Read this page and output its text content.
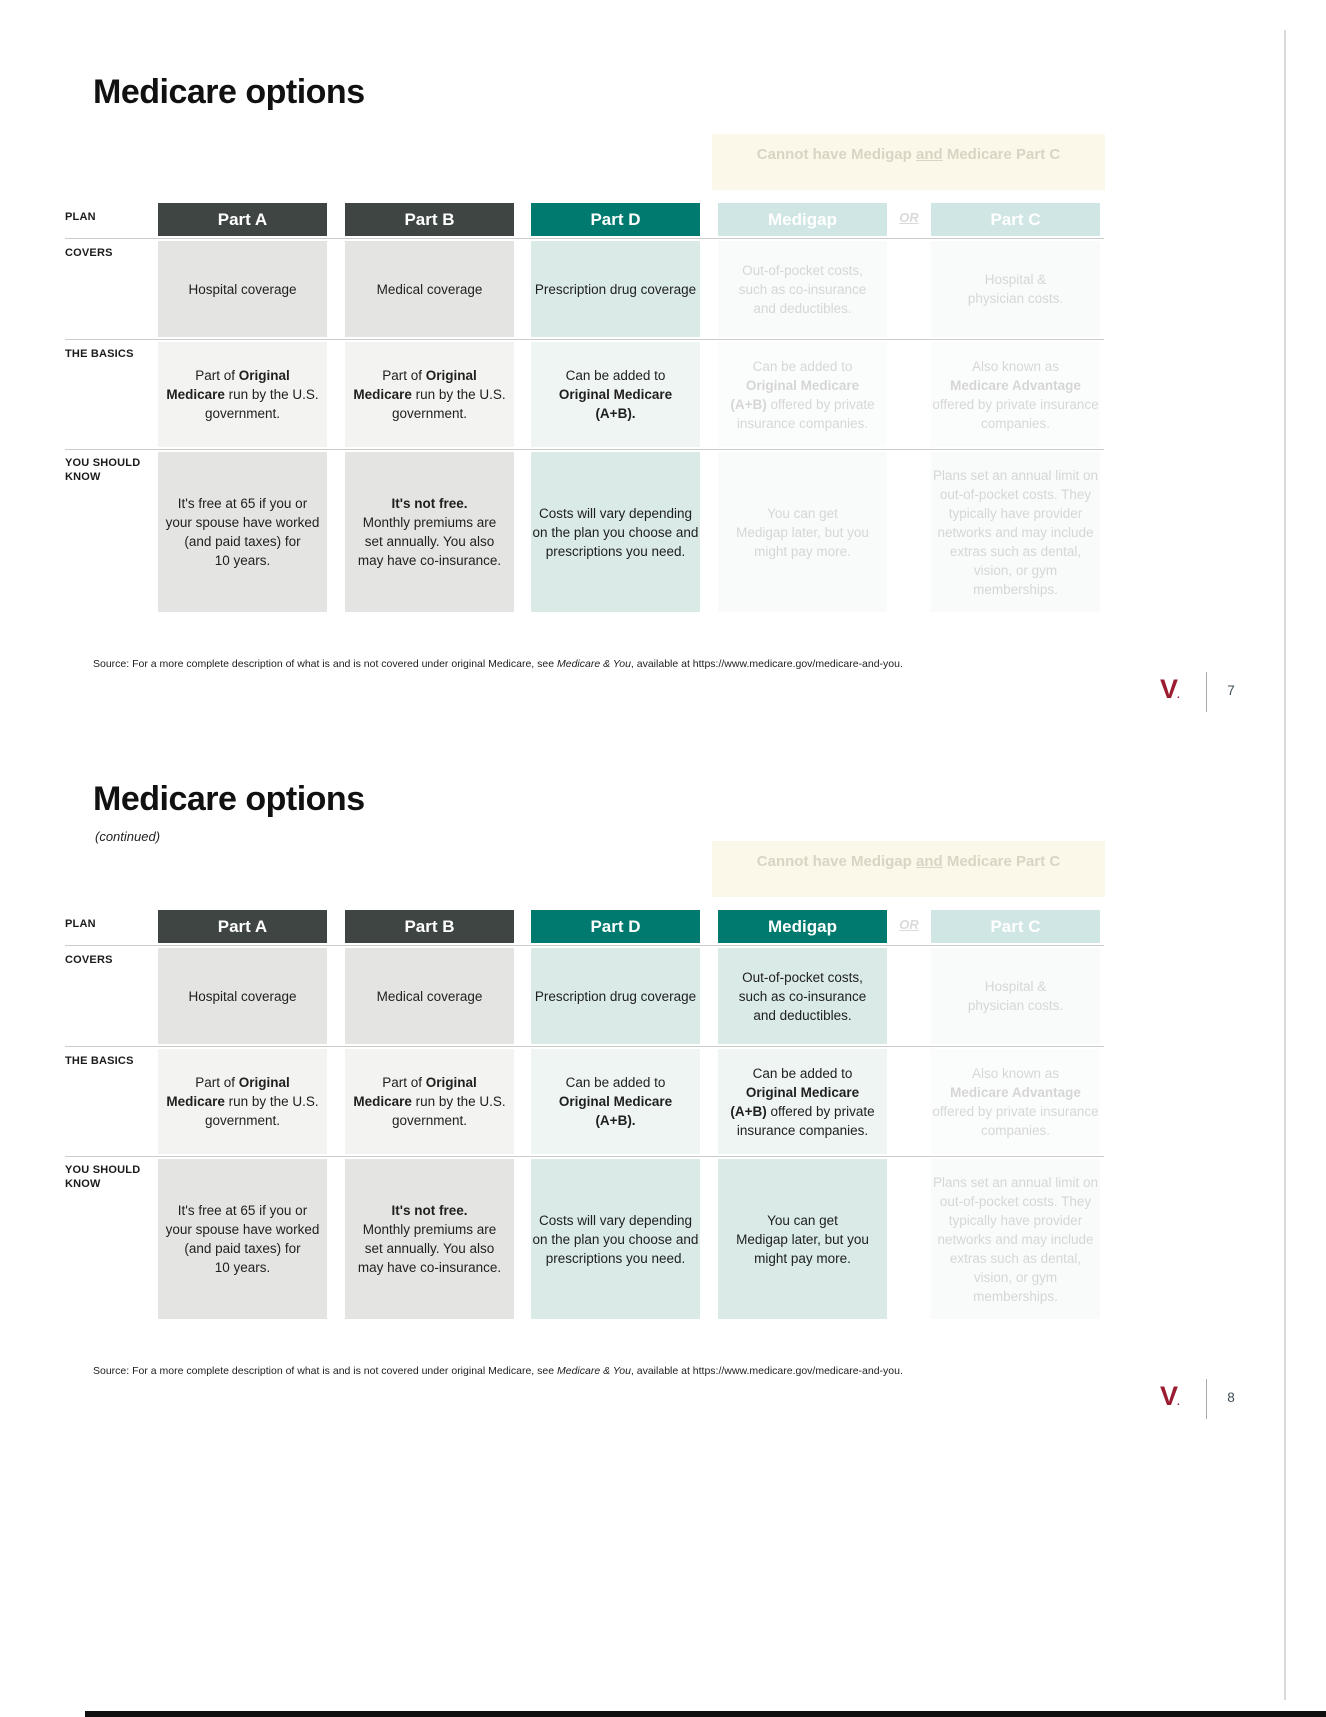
Medicare options
Cannot have Medigap and Medicare Part C
PLAN
COVERS
THE BASICS
YOU SHOULD KNOW
Part A
Hospital coverage
Part of Original
Medicare run by the U.S.
government.
It's free at 65 if you or
your spouse have worked
(and paid taxes) for
10 years.
Part B
Medical coverage
Part of Original
Medicare run by the U.S.
government.
It's not free.
Monthly premiums are
set annually. You also
may have co-insurance.
Part D
Prescription drug coverage
Can be added to
Original Medicare
(A+B).
Costs will vary depending
on the plan you choose and
prescriptions you need.
Medigap
Out-of-pocket costs,
such as co-insurance
and deductibles.
Can be added to
Original Medicare
(A+B) offered by private
insurance companies.
You can get
Medigap later, but you
might pay more.
Part C
Hospital &
physician costs.
Also known as
Medicare Advantage
offered by private insurance
companies.
Plans set an annual limit on
out-of-pocket costs. They
typically have provider
networks and may include
extras such as dental,
vision, or gym memberships.
OR
Source: For a more complete description of what is and is not covered under original Medicare, see Medicare & You, available at https://www.medicare.gov/medicare-and-you.
V.	7
Medicare options
(continued)
Cannot have Medigap and Medicare Part C
PLAN
COVERS
THE BASICS
YOU SHOULD KNOW
Part A
Hospital coverage
Part of Original
Medicare run by the U.S.
government.
It's free at 65 if you or
your spouse have worked
(and paid taxes) for
10 years.
Part B
Medical coverage
Part of Original
Medicare run by the U.S.
government.
It's not free.
Monthly premiums are
set annually. You also
may have co-insurance.
Part D
Prescription drug coverage
Can be added to
Original Medicare
(A+B).
Costs will vary depending
on the plan you choose and
prescriptions you need.
Medigap
Out-of-pocket costs,
such as co-insurance
and deductibles.
Can be added to
Original Medicare
(A+B) offered by private
insurance companies.
You can get
Medigap later, but you
might pay more.
Part C
Hospital &
physician costs.
Also known as
Medicare Advantage
offered by private insurance
companies.
Plans set an annual limit on
out-of-pocket costs. They
typically have provider
networks and may include
extras such as dental,
vision, or gym memberships.
OR
Source: For a more complete description of what is and is not covered under original Medicare, see Medicare & You, available at https://www.medicare.gov/medicare-and-you.
V.	8
